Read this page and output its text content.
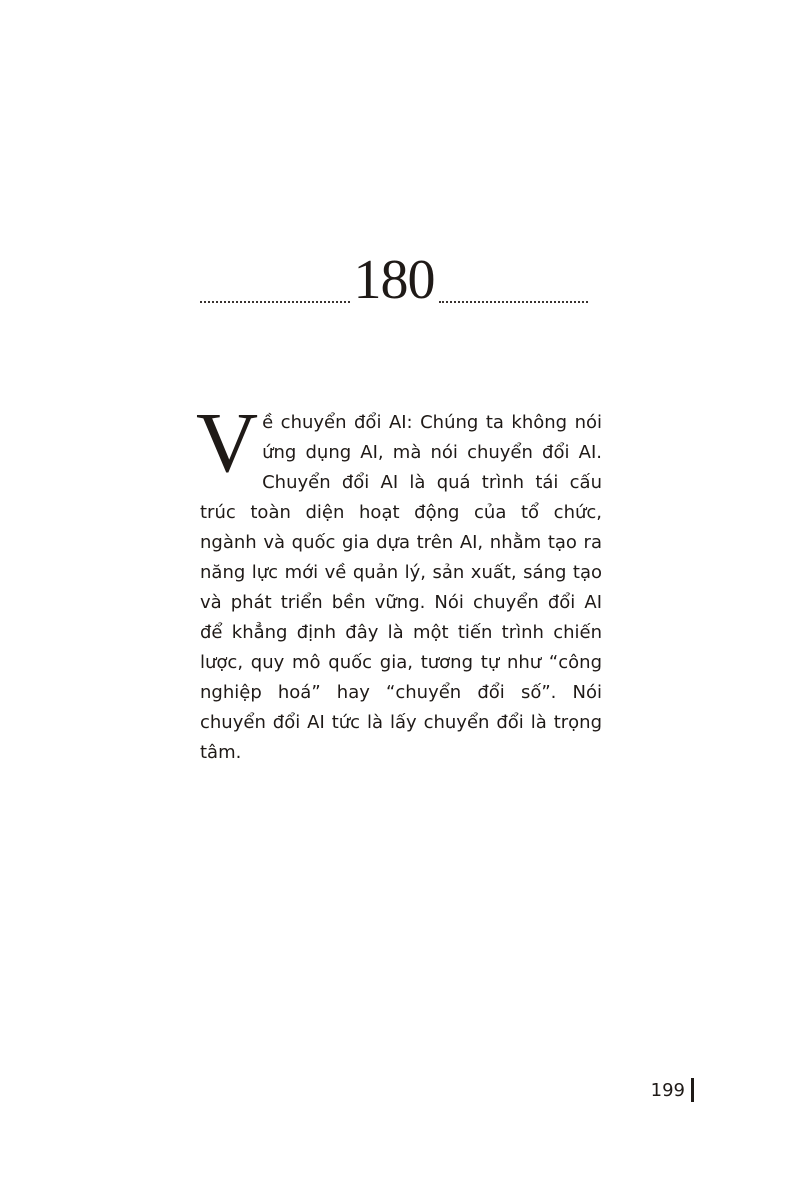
180

Về chuyển đổi AI: Chúng ta không nói ứng dụng AI, mà nói chuyển đổi AI. Chuyển đổi AI là quá trình tái cấu trúc toàn diện hoạt động của tổ chức, ngành và quốc gia dựa trên AI, nhằm tạo ra năng lực mới về quản lý, sản xuất, sáng tạo và phát triển bền vững. Nói chuyển đổi AI để khẳng định đây là một tiến trình chiến lược, quy mô quốc gia, tương tự như “công nghiệp hoá” hay “chuyển đổi số”. Nói chuyển đổi AI tức là lấy chuyển đổi là trọng tâm.

199
